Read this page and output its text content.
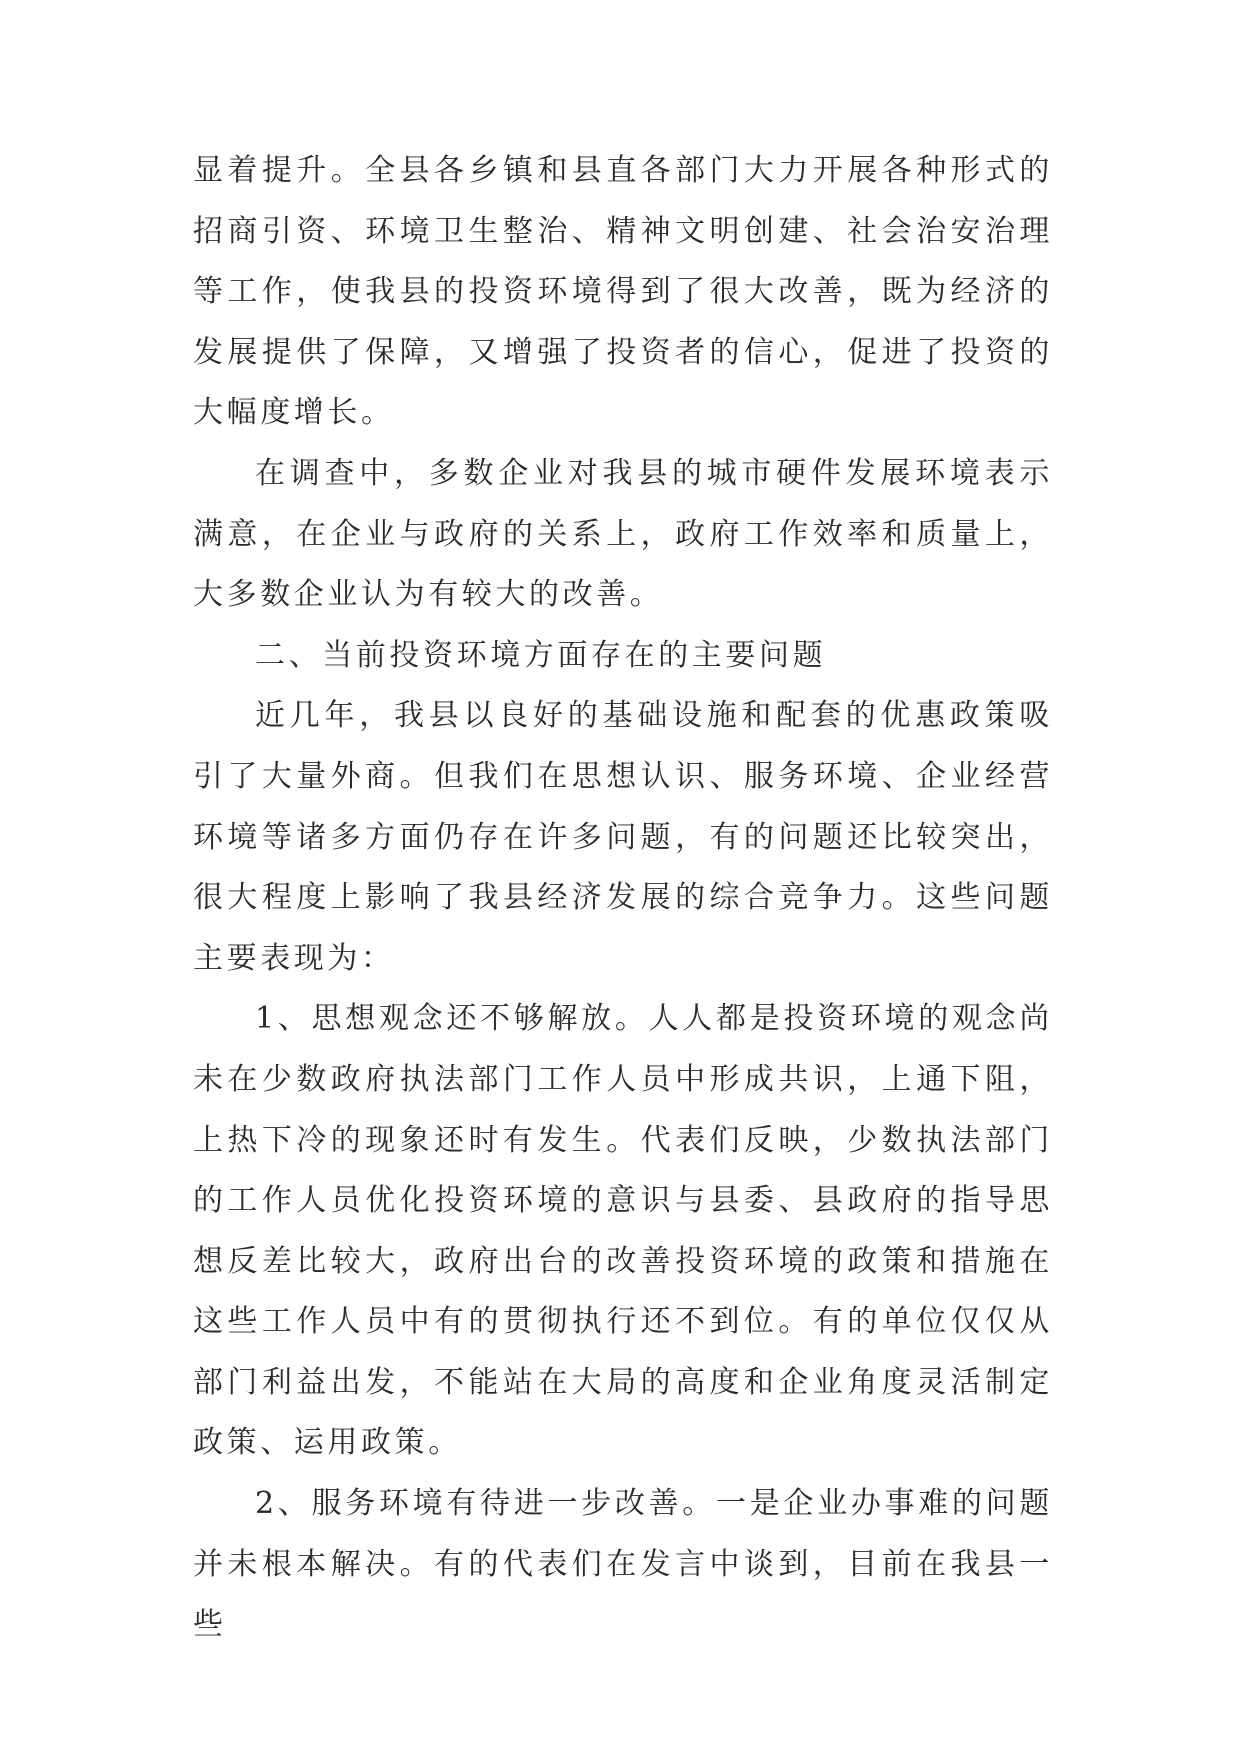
显着提升。全县各乡镇和县直各部门大力开展各种形式的招商引资、环境卫生整治、精神文明创建、社会治安治理等工作，使我县的投资环境得到了很大改善，既为经济的发展提供了保障，又增强了投资者的信心，促进了投资的大幅度增长。

在调查中，多数企业对我县的城市硬件发展环境表示满意，在企业与政府的关系上，政府工作效率和质量上，大多数企业认为有较大的改善。

二、当前投资环境方面存在的主要问题

近几年，我县以良好的基础设施和配套的优惠政策吸引了大量外商。但我们在思想认识、服务环境、企业经营环境等诸多方面仍存在许多问题，有的问题还比较突出，很大程度上影响了我县经济发展的综合竞争力。这些问题主要表现为：

1、思想观念还不够解放。人人都是投资环境的观念尚未在少数政府执法部门工作人员中形成共识，上通下阻，上热下冷的现象还时有发生。代表们反映，少数执法部门的工作人员优化投资环境的意识与县委、县政府的指导思想反差比较大，政府出台的改善投资环境的政策和措施在这些工作人员中有的贯彻执行还不到位。有的单位仅仅从部门利益出发，不能站在大局的高度和企业角度灵活制定政策、运用政策。

2、服务环境有待进一步改善。一是企业办事难的问题并未根本解决。有的代表们在发言中谈到，目前在我县一些
